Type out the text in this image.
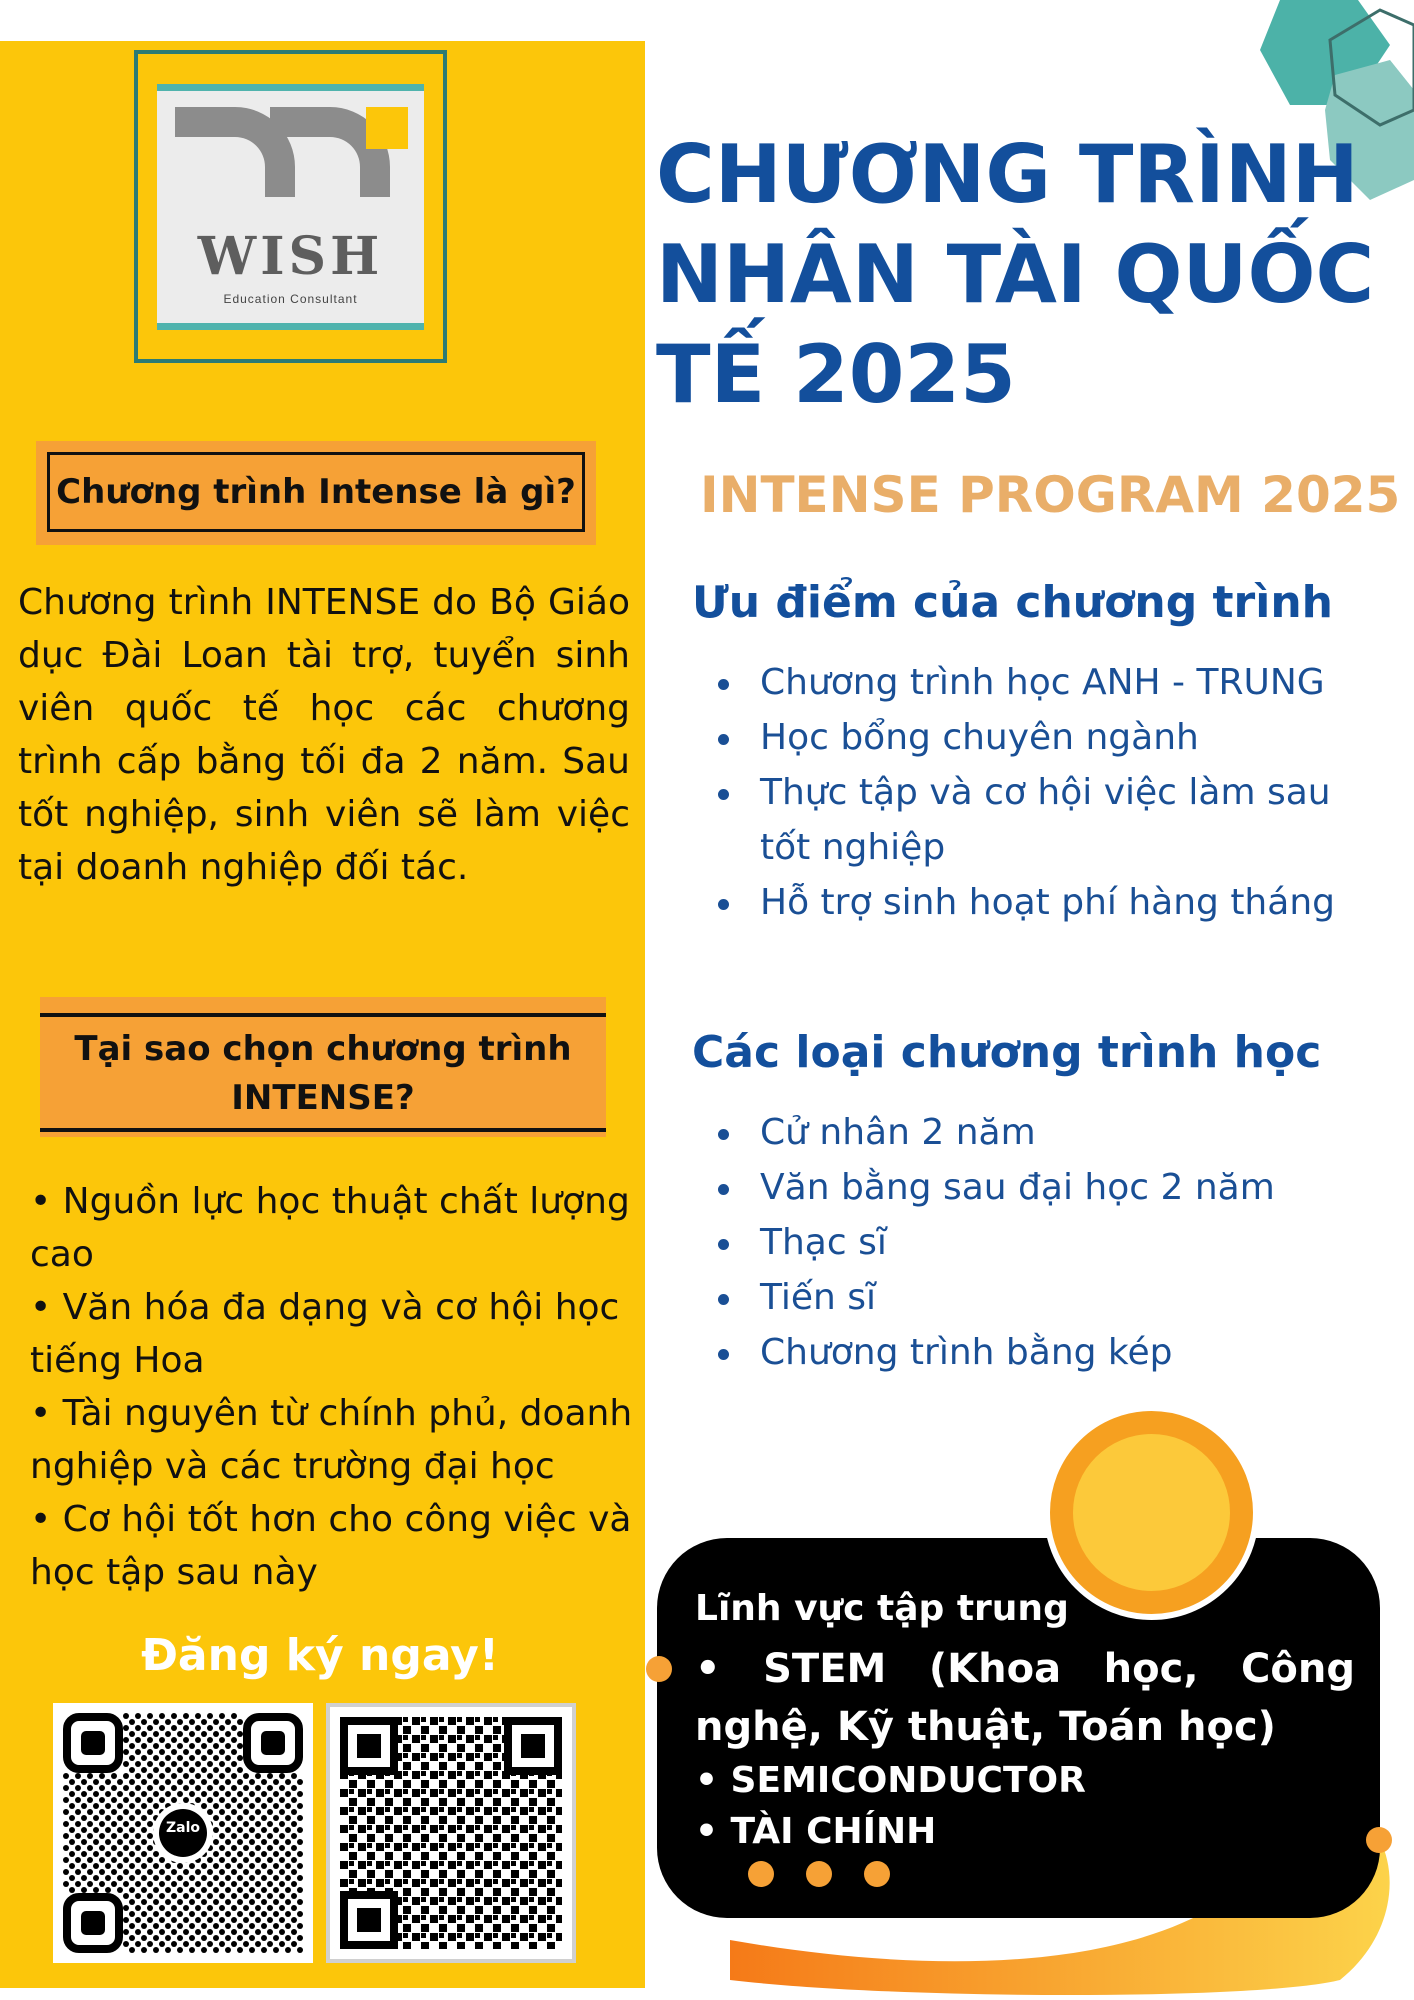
WISH
Education Consultant
CHƯƠNG TRÌNH
NHÂN TÀI QUỐC
TẾ 2025
INTENSE PROGRAM 2025
Chương trình Intense là gì?
Chương trình INTENSE do Bộ Giáo dục Đài Loan tài trợ, tuyển sinh viên quốc tế học các chương trình cấp bằng tối đa 2 năm. Sau tốt nghiệp, sinh viên sẽ làm việc tại doanh nghiệp đối tác.
Tại sao chọn chương trình INTENSE?
• Nguồn lực học thuật chất lượng cao
• Văn hóa đa dạng và cơ hội học tiếng Hoa
• Tài nguyên từ chính phủ, doanh nghiệp và các trường đại học
• Cơ hội tốt hơn cho công việc và học tập sau này
Đăng ký ngay!
Zalo
Ưu điểm của chương trình
Chương trình học ANH - TRUNG
Học bổng chuyên ngành
Thực tập và cơ hội việc làm sau tốt nghiệp
Hỗ trợ sinh hoạt phí hàng tháng
Các loại chương trình học
Cử nhân 2 năm
Văn bằng sau đại học 2 năm
Thạc sĩ
Tiến sĩ
Chương trình bằng kép
Lĩnh vực tập trung
• STEM (Khoa học, Công nghệ, Kỹ thuật, Toán học)
• SEMICONDUCTOR
• TÀI CHÍNH
